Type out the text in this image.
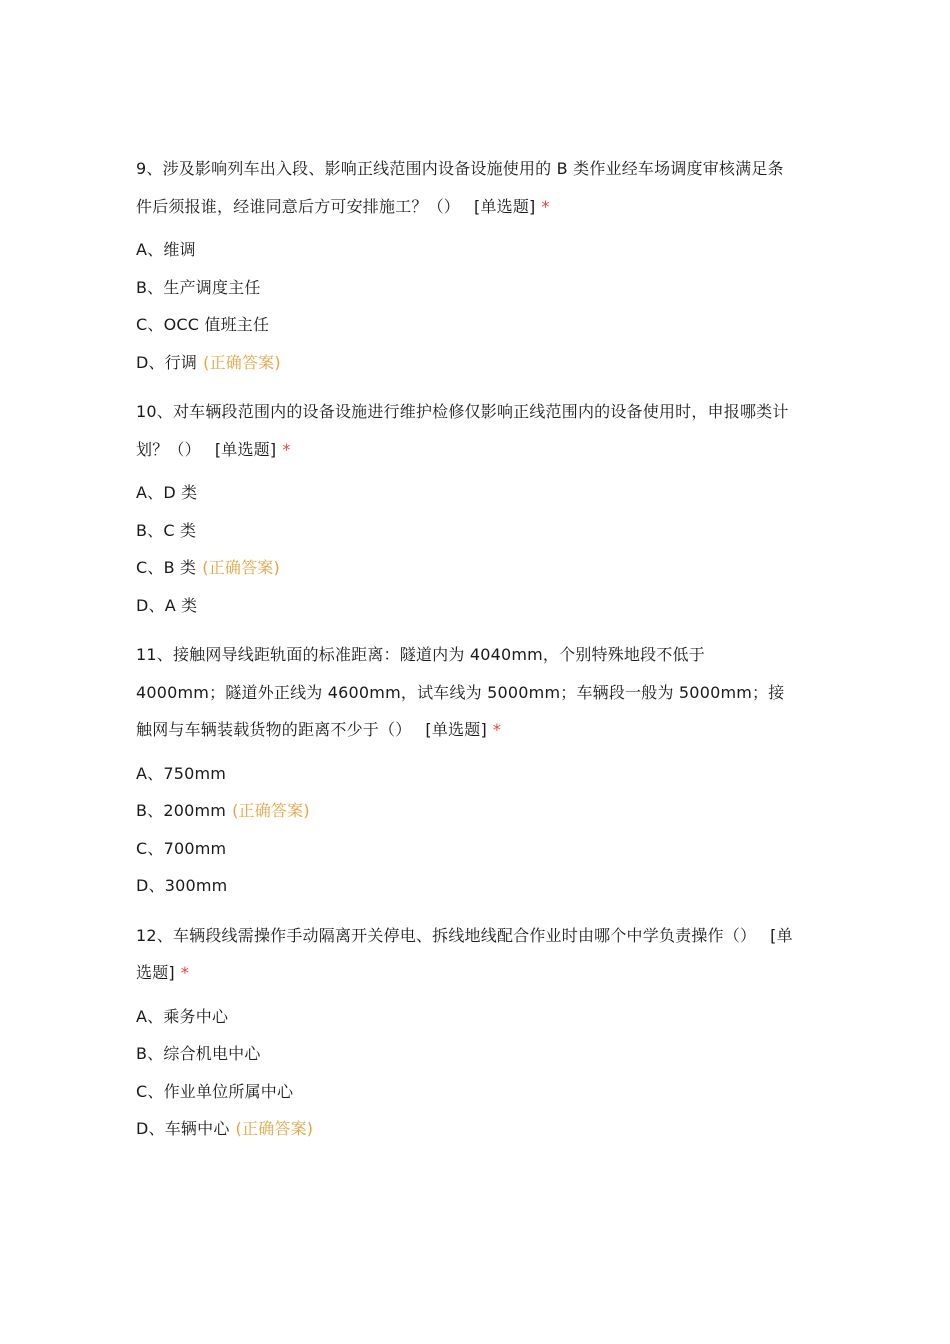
9、涉及影响列车出入段、影响正线范围内设备设施使用的 B 类作业经车场调度审核满足条件后须报谁，经谁同意后方可安排施工？（） [单选题] *

A、维调
B、生产调度主任
C、OCC 值班主任
D、行调 (正确答案)

10、对车辆段范围内的设备设施进行维护检修仅影响正线范围内的设备使用时，申报哪类计划？（） [单选题] *

A、D 类
B、C 类
C、B 类 (正确答案)
D、A 类

11、接触网导线距轨面的标准距离：隧道内为 4040mm，个别特殊地段不低于 4000mm；隧道外正线为 4600mm，试车线为 5000mm；车辆段一般为 5000mm；接触网与车辆装载货物的距离不少于（） [单选题] *

A、750mm
B、200mm (正确答案)
C、700mm
D、300mm

12、车辆段线需操作手动隔离开关停电、拆线地线配合作业时由哪个中学负责操作（） [单选题] *

A、乘务中心
B、综合机电中心
C、作业单位所属中心
D、车辆中心 (正确答案)
